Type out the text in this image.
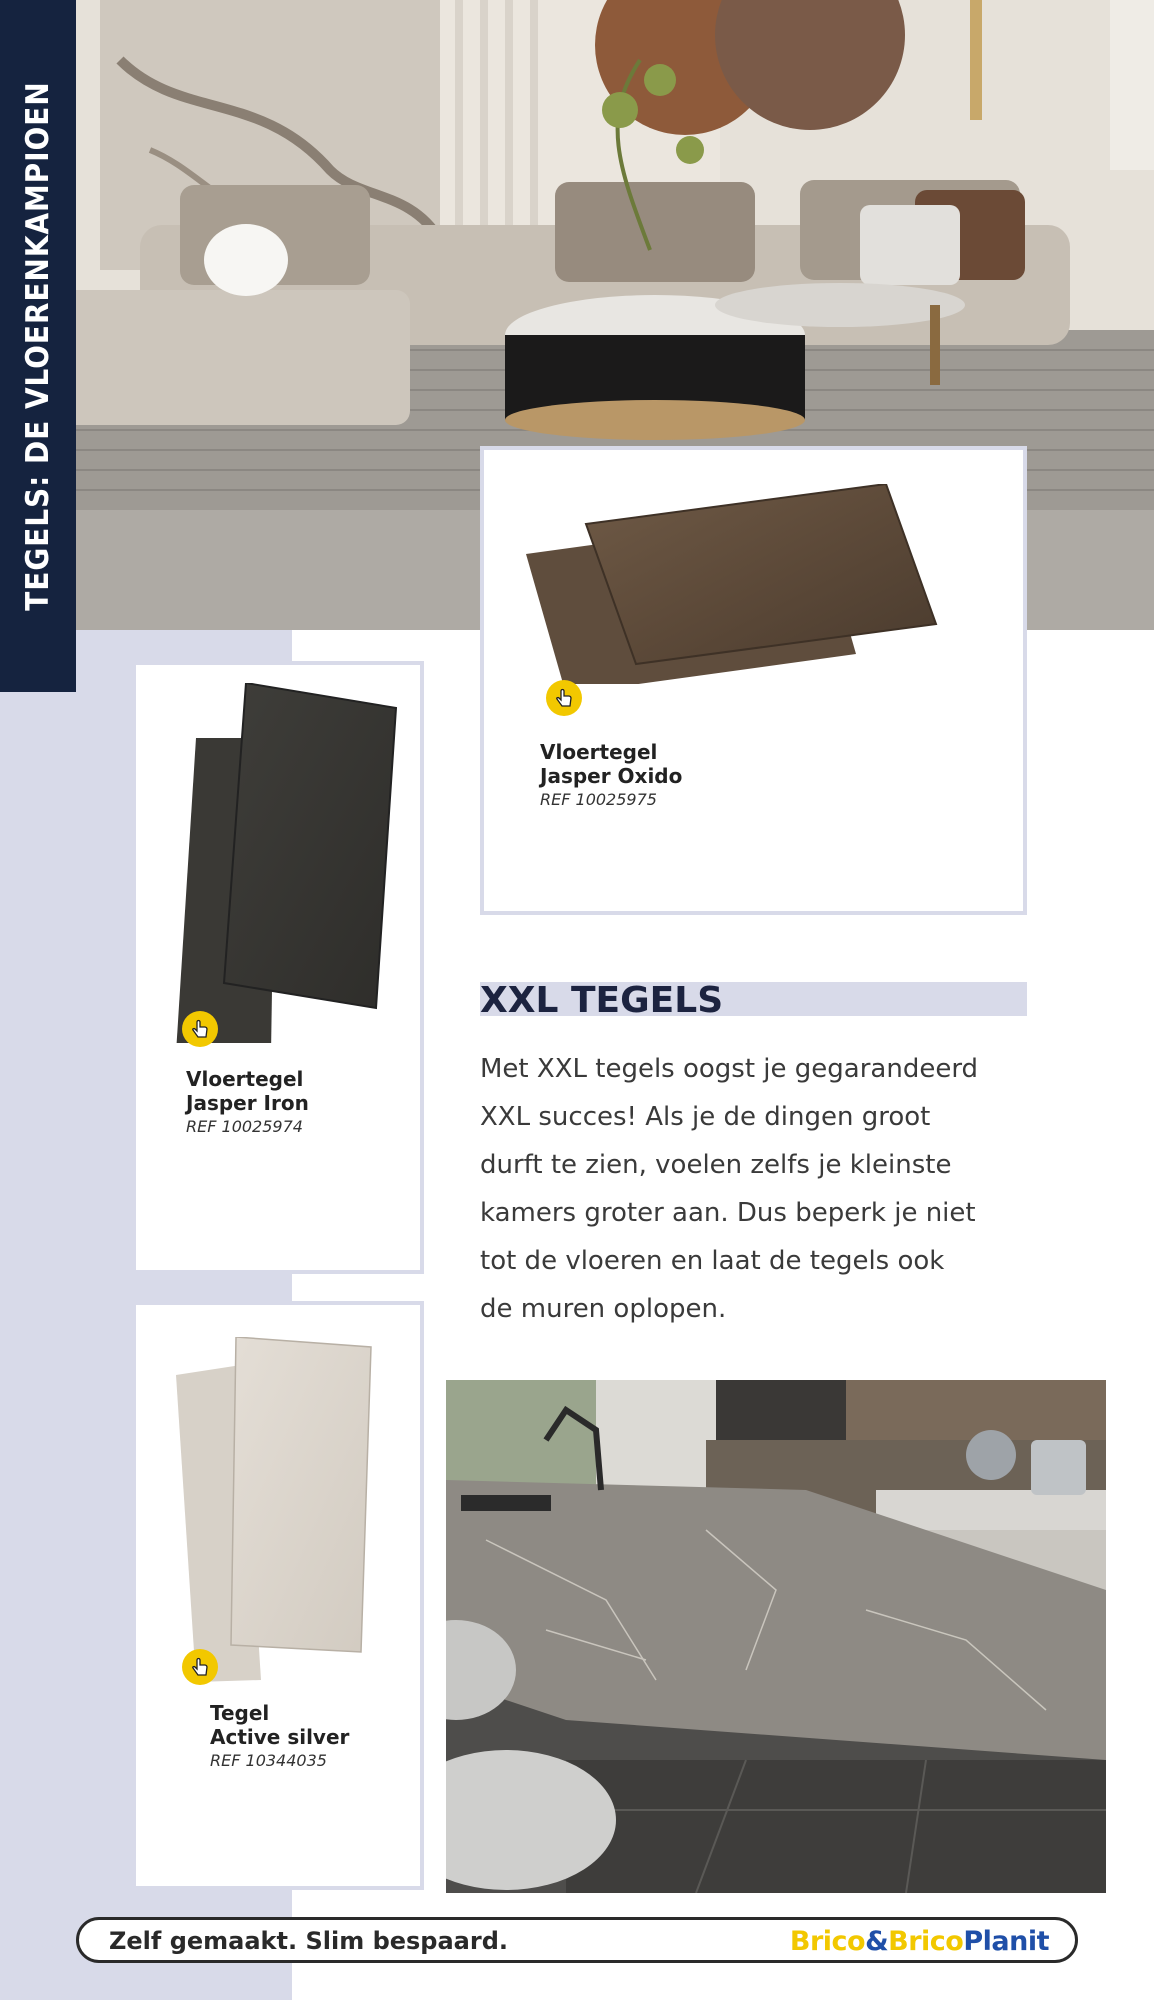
TEGELS: DE VLOERENKAMPIOEN
Vloertegel
Jasper Oxido
REF 10025975
Vloertegel
Jasper Iron
REF 10025974
Tegel
Active silver
REF 10344035
XXL TEGELS
Met XXL tegels oogst je gegarandeerd
XXL succes! Als je de dingen groot
durft te zien, voelen zelfs je kleinste
kamers groter aan. Dus beperk je niet
tot de vloeren en laat de tegels ook
de muren oplopen.
Zelf gemaakt. Slim bespaard.	Brico&BricoPlanit
